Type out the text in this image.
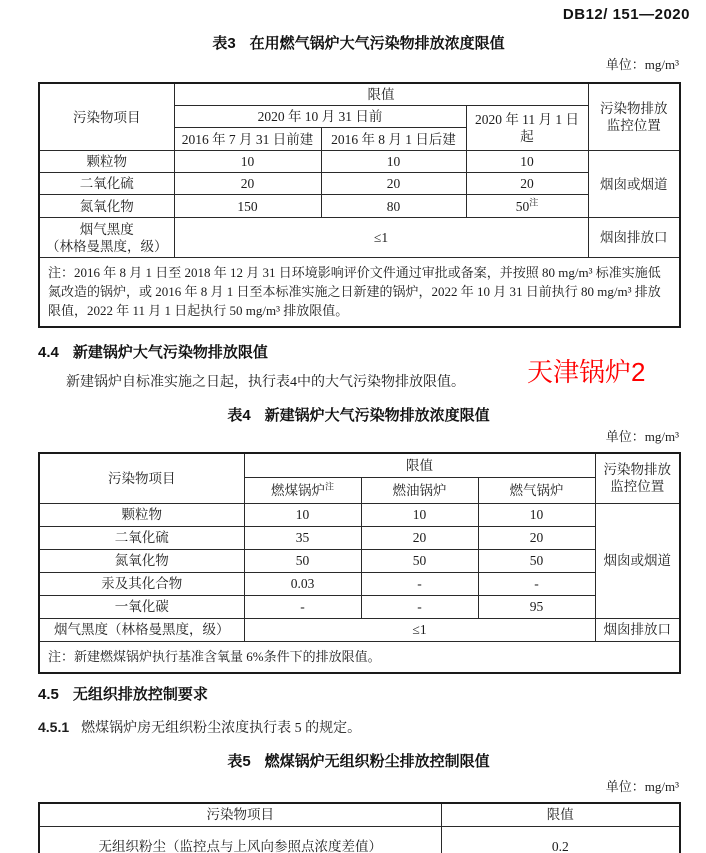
DB12/ 151—2020
表3 在用燃气锅炉大气污染物排放浓度限值
单位：mg/m³
污染物项目	限值			污染物排放
监控位置
	2020 年 10 月 31 日前		2020 年 11 月 1 日起	
	2016 年 7 月 31 日前建	2016 年 8 月 1 日后建		
颗粒物	10	10	10	烟囱或烟道
二氧化硫	20	20	20	
氮氧化物	150	80	$50^注$
烟气黑度
（林格曼黑度，级）	≤1			烟囱排放口
注：2016 年 8 月 1 日至 2018 年 12 月 31 日环境影响评价文件通过审批或备案，并按照 80 mg/m³ 标准实施低氮改造的锅炉，或 2016 年 8 月 1 日至本标准实施之日新建的锅炉，2022 年 10 月 31 日前执行 80 mg/m³ 排放限值，2022 年 11 月 1 日起执行 50 mg/m³ 排放限值。				
4.4 新建锅炉大气污染物排放限值
新建锅炉自标准实施之日起，执行表4中的大气污染物排放限值。
表4 新建锅炉大气污染物排放浓度限值
单位：mg/m³
污染物项目	限值			污染物排放
监控位置
	燃煤锅炉$^注$	燃油锅炉	燃气锅炉	
颗粒物	10	10	10	烟囱或烟道
二氧化硫	35	20	20	
氮氧化物	50	50	50	
汞及其化合物	0.03	-	-	
一氧化碳	-	-	95	
烟气黑度（林格曼黑度，级）	≤1			烟囱排放口
注：新建燃煤锅炉执行基准含氧量 6%条件下的排放限值。				
4.5 无组织排放控制要求
4.5.1 燃煤锅炉房无组织粉尘浓度执行表 5 的规定。
表5 燃煤锅炉无组织粉尘排放控制限值
单位：mg/m³
污染物项目	限值
无组织粉尘（监控点与上风向参照点浓度差值）	0.2
天津锅炉2
